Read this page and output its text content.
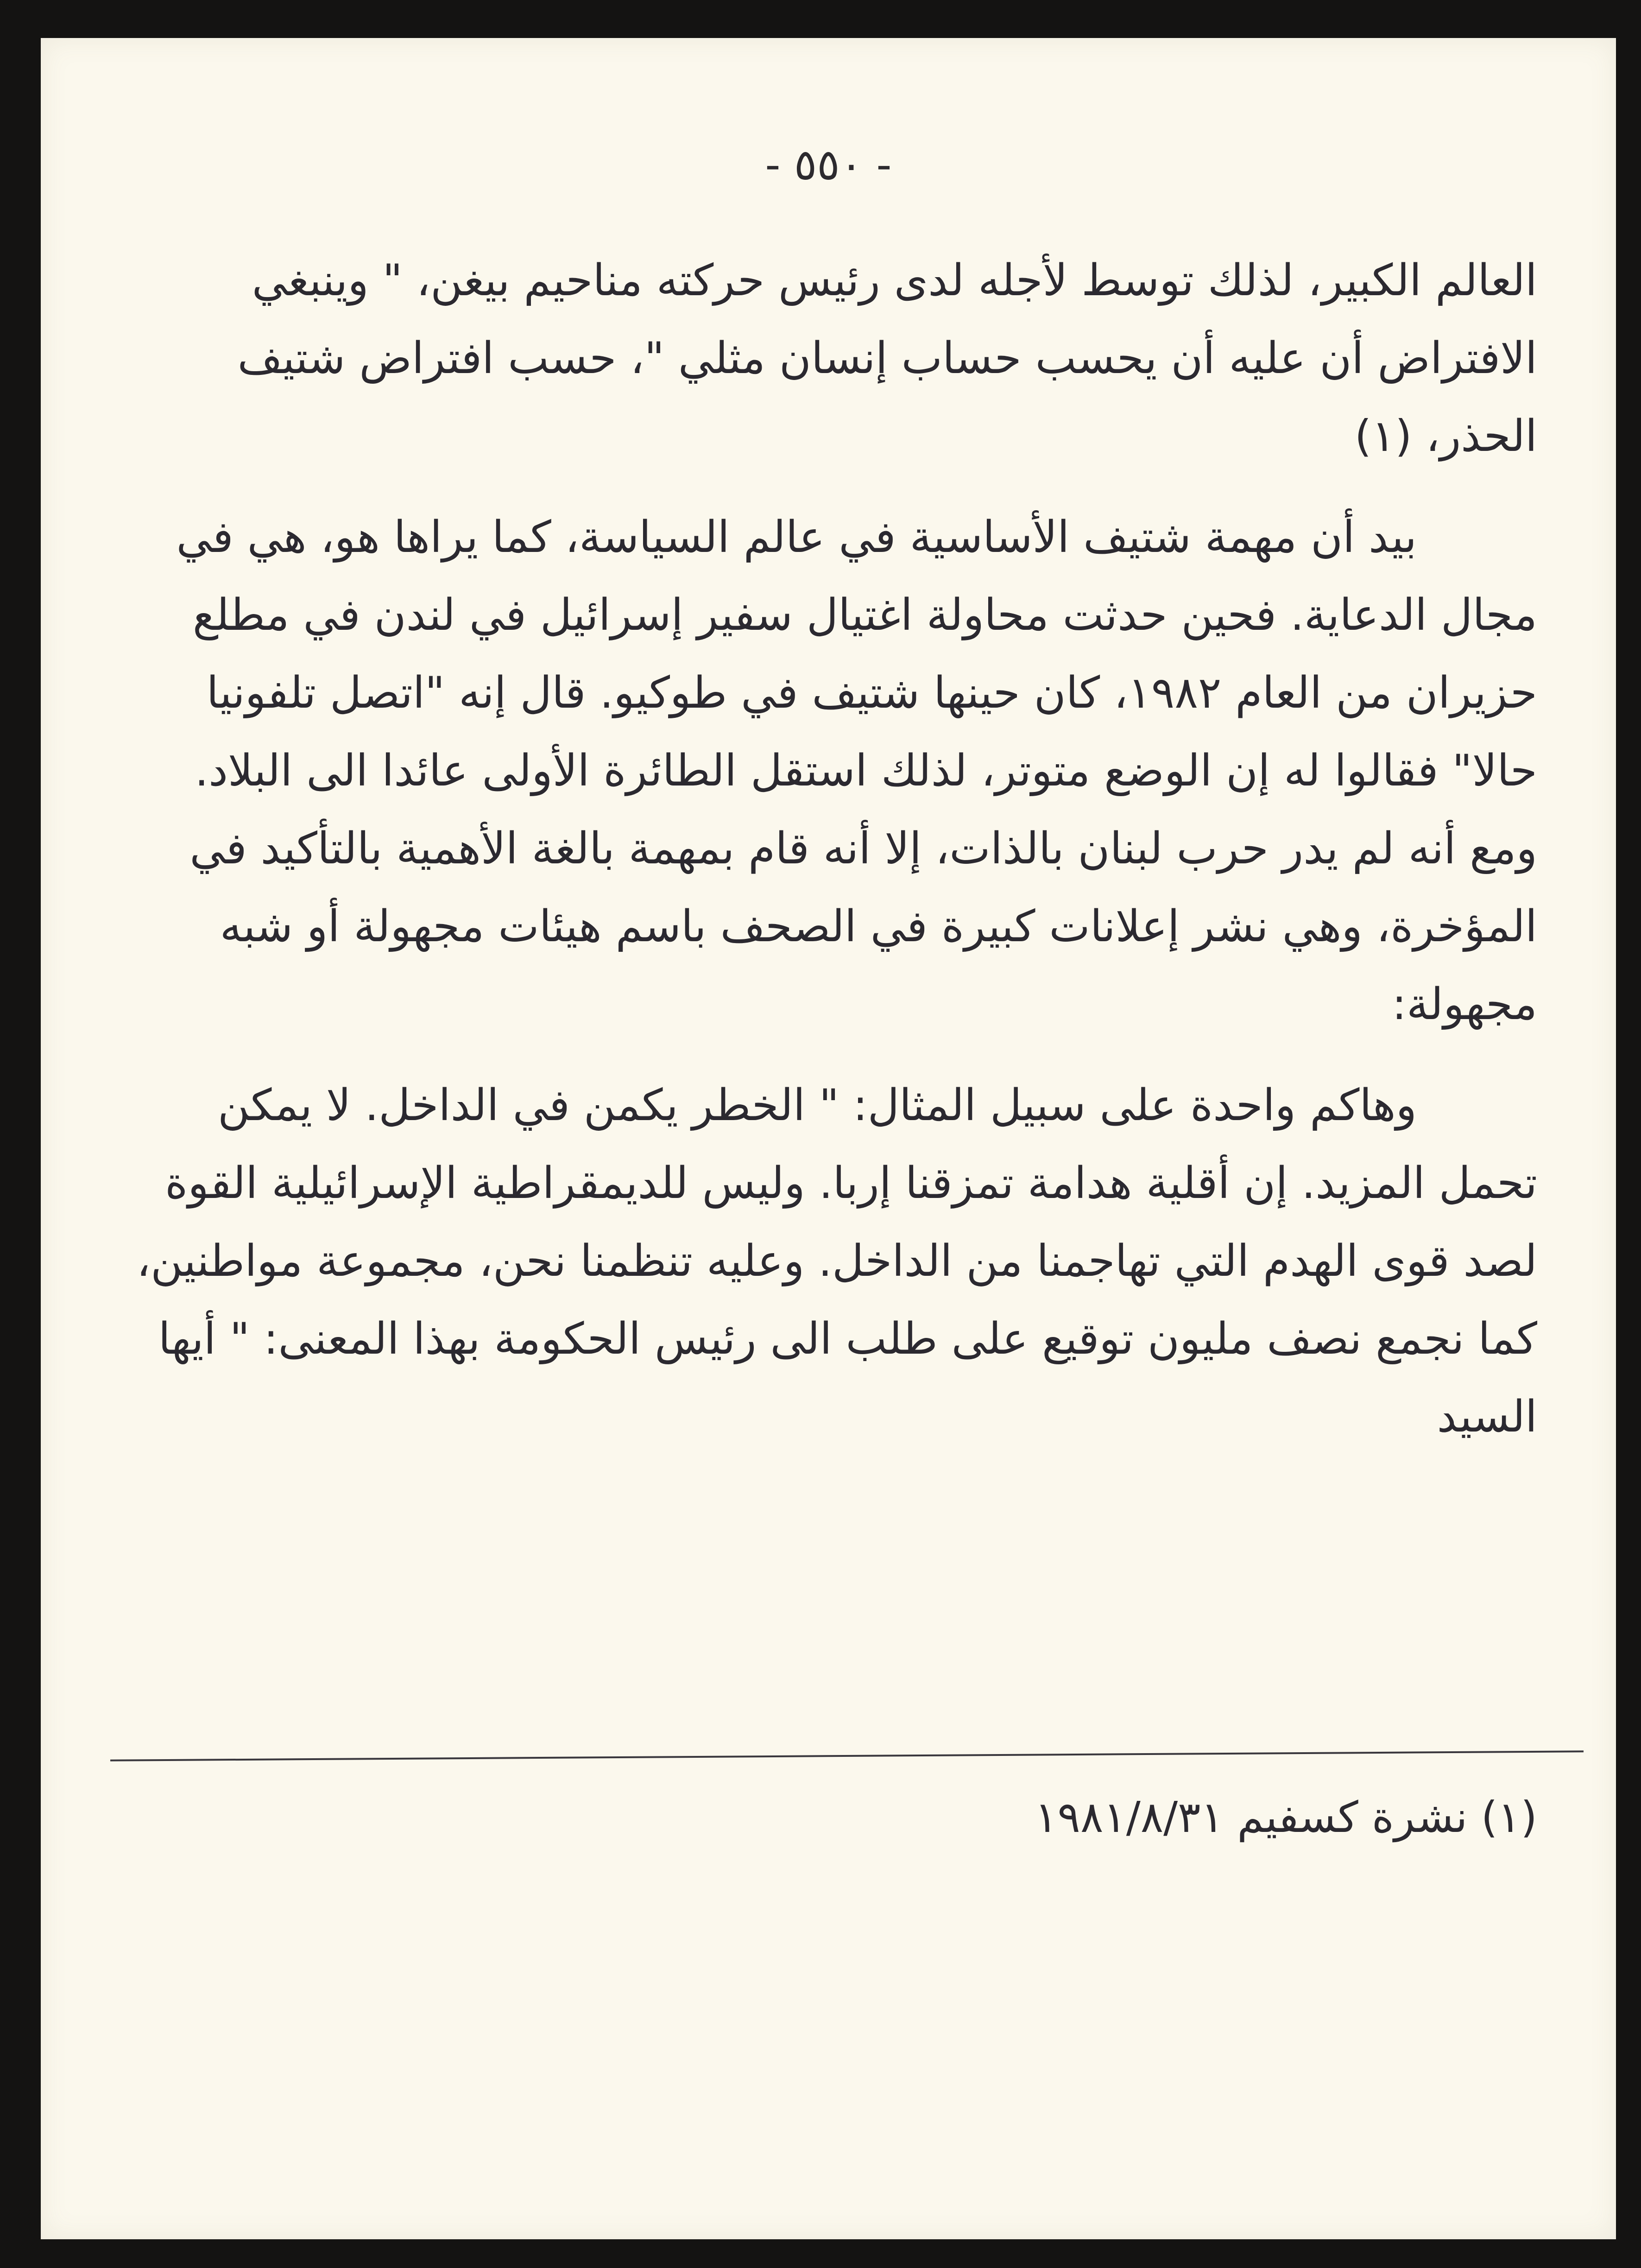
- ٥٥٠ -

العالم الكبير، لذلك توسط لأجله لدى رئيس حركته مناحيم بيغن، " وينبغي الافتراض أن عليه أن يحسب حساب إنسان مثلي "، حسب افتراض شتيف الحذر، (١)

بيد أن مهمة شتيف الأساسية في عالم السياسة، كما يراها هو، هي في مجال الدعاية. فحين حدثت محاولة اغتيال سفير إسرائيل في لندن في مطلع حزيران من العام ١٩٨٢، كان حينها شتيف في طوكيو. قال إنه "اتصل تلفونيا حالا" فقالوا له إن الوضع متوتر، لذلك استقل الطائرة الأولى عائدا الى البلاد. ومع أنه لم يدر حرب لبنان بالذات، إلا أنه قام بمهمة بالغة الأهمية بالتأكيد في المؤخرة، وهي نشر إعلانات كبيرة في الصحف باسم هيئات مجهولة أو شبه مجهولة:

وهاكم واحدة على سبيل المثال: " الخطر يكمن في الداخل. لا يمكن تحمل المزيد. إن أقلية هدامة تمزقنا إربا. وليس للديمقراطية الإسرائيلية القوة لصد قوى الهدم التي تهاجمنا من الداخل. وعليه تنظمنا نحن، مجموعة مواطنين، كما نجمع نصف مليون توقيع على طلب الى رئيس الحكومة بهذا المعنى: " أيها السيد

(١) نشرة كسفيم ١٩٨١/٨/٣١
